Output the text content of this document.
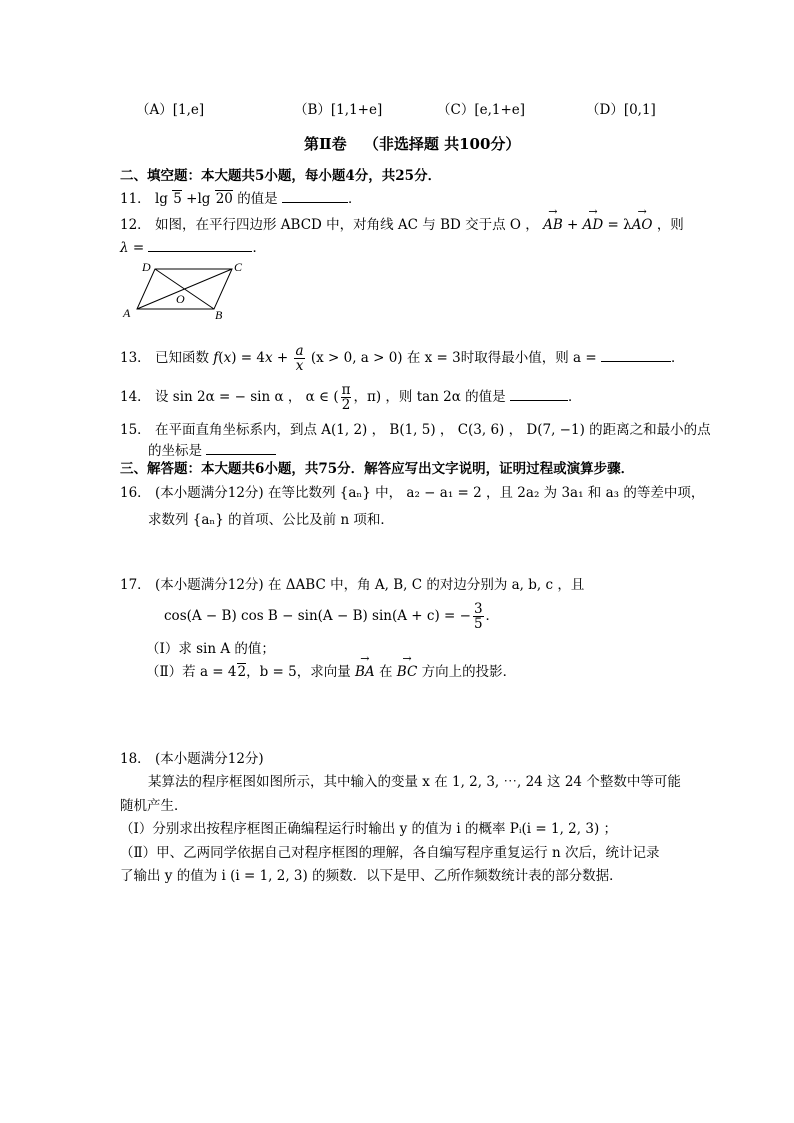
（A）[1,e]	（B）[1,1+e]	（C）[e,1+e]	（D）[0,1]
第Ⅱ卷 （非选择题 共100分）
二、填空题：本大题共5小题，每小题4分，共25分．
11． lg 5 +lg 20 的值是	．
12． 如图，在平行四边形 ABCD 中，对角线 AC 与 BD 交于点 O ， → AB + → AD = λ→ AO ，则
λ =	．
D	C
O
A	B
13． 已知函数 $f(x) = 4x + \frac{a}{x} (x > 0$, a > 0) 在 x = 3时取得最小值，则 a =	．
14． 设 sin 2α = − sin α ， α ∈ ( $\frac{\pi}{2}$ ，π) ，则 tan 2α 的值是	．
15． 在平面直角坐标系内，到点 A(1, 2) ， B(1, 5) ， C(3, 6) ， D(7, −1) 的距离之和最小的点
的坐标是
三、解答题：本大题共6小题，共75分．解答应写出文字说明，证明过程或演算步骤．
16． (本小题满分12分) 在等比数列 {aₙ} 中， a₂ − a₁ = 2 ，且 2a₂ 为 3a₁ 和 a₃ 的等差中项，
求数列 {aₙ} 的首项、公比及前 n 项和．
17． (本小题满分12分) 在 ΔABC 中，角 A, B, C 的对边分别为 a, b, c ，且
cos(A − B) cos B − sin(A − B) sin(A + c) = − $\frac{3}{5}$ ．
（Ⅰ）求 sin A 的值；
（Ⅱ）若 a = 42，b = 5，求向量 → BA 在 → BC 方向上的投影．
18． (本小题满分12分)
某算法的程序框图如图所示，其中输入的变量 x 在 1, 2, 3, ⋯, 24 这 24 个整数中等可能
随机产生．
（Ⅰ）分别求出按程序框图正确编程运行时输出 y 的值为 i 的概率 Pᵢ(i = 1, 2, 3) ；
（Ⅱ）甲、乙两同学依据自己对程序框图的理解，各自编写程序重复运行 n 次后，统计记录
了输出 y 的值为 i (i = 1, 2, 3) 的频数．以下是甲、乙所作频数统计表的部分数据．
